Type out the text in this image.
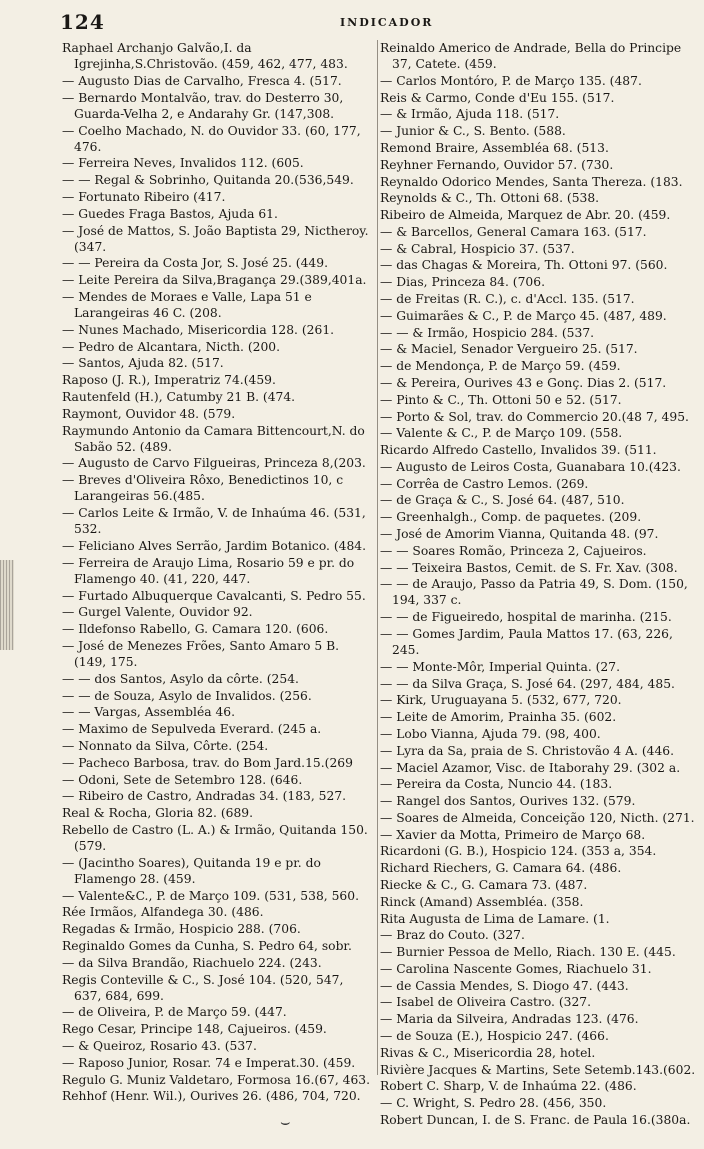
124	INDICADOR
Raphael Archanjo Galvão,I. da Igrejinha,S.Christovão. (459, 462, 477, 483.
— Augusto Dias de Carvalho, Fresca 4. (517.
— Bernardo Montalvão, trav. do Desterro 30, Guarda-Velha 2, e Andarahy Gr. (147,308.
— Coelho Machado, N. do Ouvidor 33. (60, 177, 476.
— Ferreira Neves, Invalidos 112. (605.
— — Regal & Sobrinho, Quitanda 20.(536,549.
— Fortunato Ribeiro (417.
— Guedes Fraga Bastos, Ajuda 61.
— José de Mattos, S. João Baptista 29, Nictheroy. (347.
— — Pereira da Costa Jor, S. José 25. (449.
— Leite Pereira da Silva,Bragança 29.(389,401a.
— Mendes de Moraes e Valle, Lapa 51 e Larangeiras 46 C. (208.
— Nunes Machado, Misericordia 128. (261.
— Pedro de Alcantara, Nicth. (200.
— Santos, Ajuda 82. (517.
Raposo (J. R.), Imperatriz 74.(459.
Rautenfeld (H.), Catumby 21 B. (474.
Raymont, Ouvidor 48. (579.
Raymundo Antonio da Camara Bittencourt,N. do Sabão 52. (489.
— Augusto de Carvo Filgueiras, Princeza 8,(203.
— Breves d'Oliveira Rôxo, Benedictinos 10, c Larangeiras 56.(485.
— Carlos Leite & Irmão, V. de Inhaúma 46. (531, 532.
— Feliciano Alves Serrão, Jardim Botanico. (484.
— Ferreira de Araujo Lima, Rosario 59 e pr. do Flamengo 40. (41, 220, 447.
— Furtado Albuquerque Cavalcanti, S. Pedro 55.
— Gurgel Valente, Ouvidor 92.
— Ildefonso Rabello, G. Camara 120. (606.
— José de Menezes Frões, Santo Amaro 5 B. (149, 175.
— — dos Santos, Asylo da côrte. (254.
— — de Souza, Asylo de Invalidos. (256.
— — Vargas, Assembléa 46.
— Maximo de Sepulveda Everard. (245 a.
— Nonnato da Silva, Côrte. (254.
— Pacheco Barbosa, trav. do Bom Jard.15.(269
— Odoni, Sete de Setembro 128. (646.
— Ribeiro de Castro, Andradas 34. (183, 527.
Real & Rocha, Gloria 82. (689.
Rebello de Castro (L. A.) & Irmão, Quitanda 150. (579.
— (Jacintho Soares), Quitanda 19 e pr. do Flamengo 28. (459.
— Valente&C., P. de Março 109. (531, 538, 560.
Rée Irmãos, Alfandega 30. (486.
Regadas & Irmão, Hospicio 288. (706.
Reginaldo Gomes da Cunha, S. Pedro 64, sobr.
— da Silva Brandão, Riachuelo 224. (243.
Regis Conteville & C., S. José 104. (520, 547, 637, 684, 699.
— de Oliveira, P. de Março 59. (447.
Rego Cesar, Principe 148, Cajueiros. (459.
— & Queiroz, Rosario 43. (537.
— Raposo Junior, Rosar. 74 e Imperat.30. (459.
Regulo G. Muniz Valdetaro, Formosa 16.(67, 463.
Rehhof (Henr. Wil.), Ourives 26. (486, 704, 720.
Reinaldo Americo de Andrade, Bella do Principe 37, Catete. (459.
— Carlos Montóro, P. de Março 135. (487.
Reis & Carmo, Conde d'Eu 155. (517.
— & Irmão, Ajuda 118. (517.
— Junior & C., S. Bento. (588.
Remond Braire, Assembléa 68. (513.
Reyhner Fernando, Ouvidor 57. (730.
Reynaldo Odorico Mendes, Santa Thereza. (183.
Reynolds & C., Th. Ottoni 68. (538.
Ribeiro de Almeida, Marquez de Abr. 20. (459.
— & Barcellos, General Camara 163. (517.
— & Cabral, Hospicio 37. (537.
— das Chagas & Moreira, Th. Ottoni 97. (560.
— Dias, Princeza 84. (706.
— de Freitas (R. C.), c. d'Accl. 135. (517.
— Guimarães & C., P. de Março 45. (487, 489.
— — & Irmão, Hospicio 284. (537.
— & Maciel, Senador Vergueiro 25. (517.
— de Mendonça, P. de Março 59. (459.
— & Pereira, Ourives 43 e Gonç. Dias 2. (517.
— Pinto & C., Th. Ottoni 50 e 52. (517.
— Porto & Sol, trav. do Commercio 20.(48 7, 495.
— Valente & C., P. de Março 109. (558.
Ricardo Alfredo Castello, Invalidos 39. (511.
— Augusto de Leiros Costa, Guanabara 10.(423.
— Corrêa de Castro Lemos. (269.
— de Graça & C., S. José 64. (487, 510.
— Greenhalgh., Comp. de paquetes. (209.
— José de Amorim Vianna, Quitanda 48. (97.
— — Soares Romão, Princeza 2, Cajueiros.
— — Teixeira Bastos, Cemit. de S. Fr. Xav. (308.
— — de Araujo, Passo da Patria 49, S. Dom. (150, 194, 337 c.
— — de Figueiredo, hospital de marinha. (215.
— — Gomes Jardim, Paula Mattos 17. (63, 226, 245.
— — Monte-Môr, Imperial Quinta. (27.
— — da Silva Graça, S. José 64. (297, 484, 485.
— Kirk, Uruguayana 5. (532, 677, 720.
— Leite de Amorim, Prainha 35. (602.
— Lobo Vianna, Ajuda 79. (98, 400.
— Lyra da Sa, praia de S. Christovão 4 A. (446.
— Maciel Azamor, Visc. de Itaborahy 29. (302 a.
— Pereira da Costa, Nuncio 44. (183.
— Rangel dos Santos, Ourives 132. (579.
— Soares de Almeida, Conceição 120, Nicth. (271.
— Xavier da Motta, Primeiro de Março 68.
Ricardoni (G. B.), Hospicio 124. (353 a, 354.
Richard Riechers, G. Camara 64. (486.
Riecke & C., G. Camara 73. (487.
Rinck (Amand) Assembléa. (358.
Rita Augusta de Lima de Lamare. (1.
— Braz do Couto. (327.
— Burnier Pessoa de Mello, Riach. 130 E. (445.
— Carolina Nascente Gomes, Riachuelo 31.
— de Cassia Mendes, S. Diogo 47. (443.
— Isabel de Oliveira Castro. (327.
— Maria da Silveira, Andradas 123. (476.
— de Souza (E.), Hospicio 247. (466.
Rivas & C., Misericordia 28, hotel.
Rivière Jacques & Martins, Sete Setemb.143.(602.
Robert C. Sharp, V. de Inhaúma 22. (486.
— C. Wright, S. Pedro 28. (456, 350.
Robert Duncan, I. de S. Franc. de Paula 16.(380a.
⌣
